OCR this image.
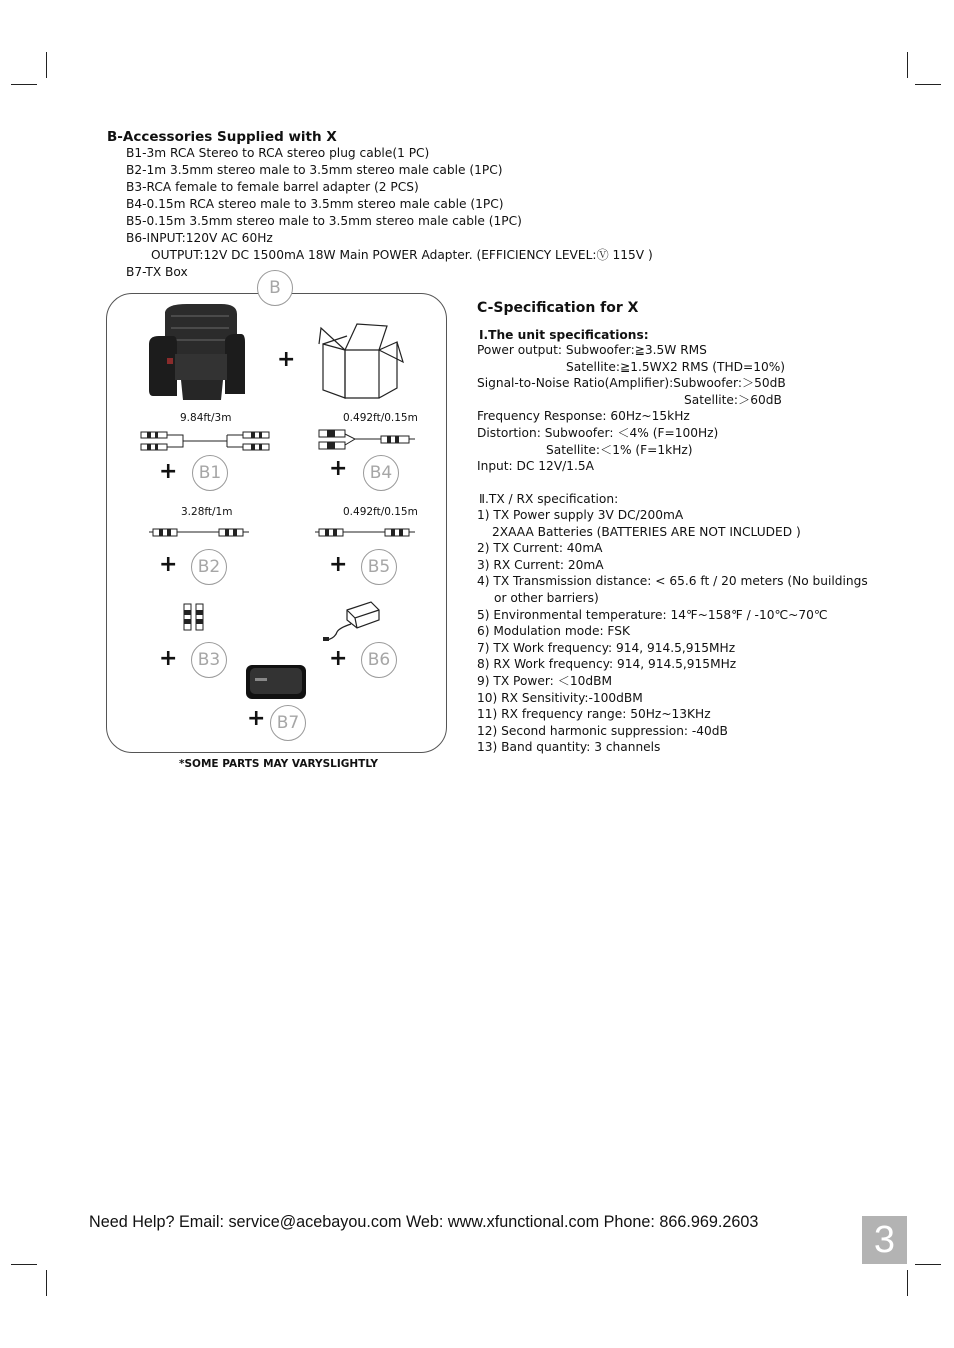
B-Accessories Supplied with X
B1-3m RCA Stereo to RCA stereo plug cable(1 PC)
B2-1m 3.5mm stereo male to 3.5mm stereo male cable (1PC)
B3-RCA female to female barrel adapter (2 PCS)
B4-0.15m RCA stereo male to 3.5mm stereo male cable (1PC)
B5-0.15m 3.5mm stereo male to 3.5mm stereo male cable (1PC)
B6-INPUT:120V AC 60Hz
OUTPUT:12V DC 1500mA 18W Main POWER Adapter. (EFFICIENCY LEVEL:Ⓥ 115V )
B7-TX Box
+
9.84ft/3m
+	B1
0.492ft/0.15m
+	B4
3.28ft/1m
+	B2
0.492ft/0.15m
+	B5
+	B3	+	B6
+ B7
B
*SOME PARTS MAY VARYSLIGHTLY
C-Specification for X
Ⅰ.The unit specifications:
Power output: Subwoofer:≧3.5W RMS
Satellite:≧1.5WX2 RMS (THD=10%)
Signal-to-Noise Ratio(Amplifier):Subwoofer:＞50dB
Satellite:＞60dB
Frequency Response: 60Hz~15kHz
Distortion: Subwoofer: ＜4% (F=100Hz)
Satellite:＜1% (F=1kHz)
Input: DC 12V/1.5A
Ⅱ.TX / RX specification:
1) TX Power supply 3V DC/200mA
2XAAA Batteries (BATTERIES ARE NOT INCLUDED )
2) TX Current: 40mA
3) RX Current: 20mA
4) TX Transmission distance: < 65.6 ft / 20 meters (No buildings
or other barriers)
5) Environmental temperature: 14℉~158℉ / -10℃~70℃
6) Modulation mode: FSK
7) TX Work frequency: 914, 914.5,915MHz
8) RX Work frequency: 914, 914.5,915MHz
9) TX Power: ＜10dBM
10) RX Sensitivity:-100dBM
11) RX frequency range: 50Hz~13KHz
12) Second harmonic suppression: -40dB
13) Band quantity: 3 channels
Need Help? Email: service@acebayou.com Web: www.xfunctional.com Phone: 866.969.2603	3
